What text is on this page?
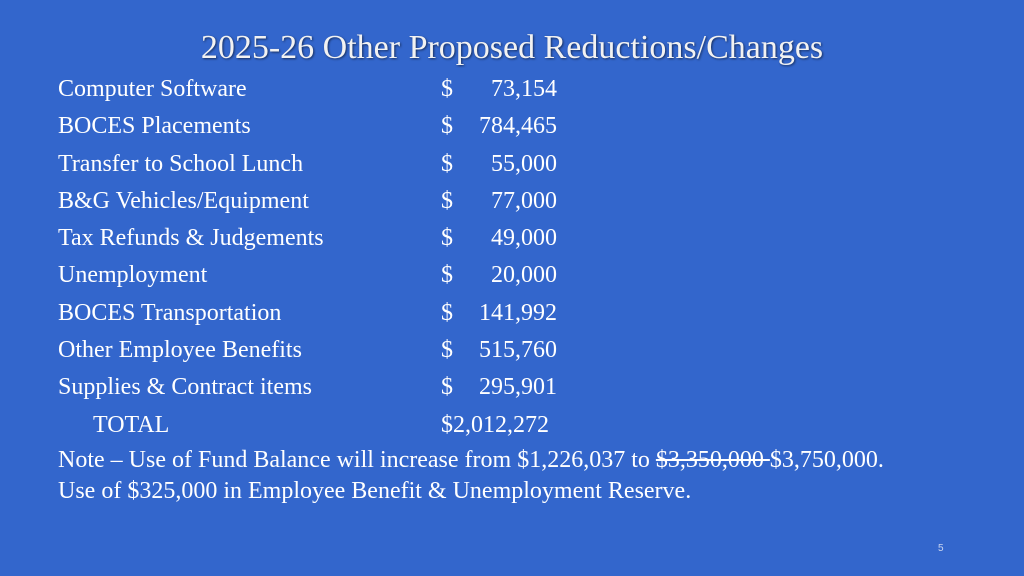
2025-26 Other Proposed Reductions/Changes
Computer Software	$ 73,154
BOCES Placements	$ 784,465
Transfer to School Lunch	$ 55,000
B&G Vehicles/Equipment	$ 77,000
Tax Refunds & Judgements	$ 49,000
Unemployment	$ 20,000
BOCES Transportation	$ 141,992
Other Employee Benefits	$ 515,760
Supplies & Contract items	$ 295,901
TOTAL	$2,012,272
Note – Use of Fund Balance will increase from $1,226,037 to $3,350,000 $3,750,000.
Use of $325,000 in Employee Benefit & Unemployment Reserve.
5
